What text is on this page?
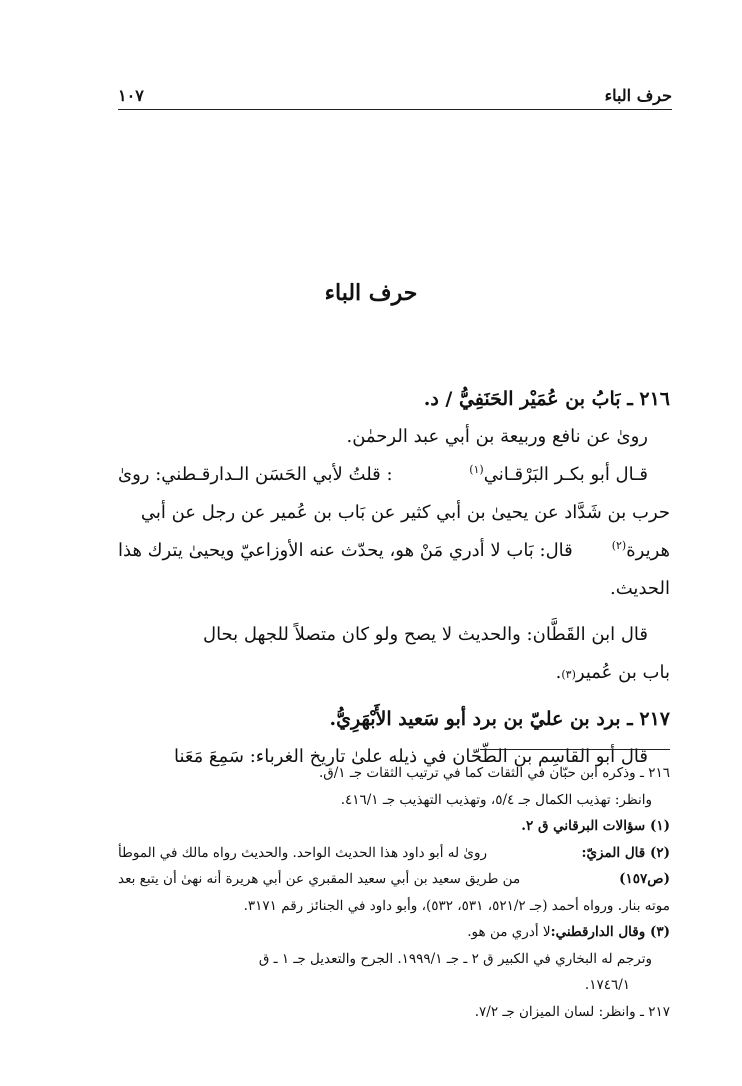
حرف الباء
١٠٧
حرف الباء
٢١٦ ـ بَابُ بن عُمَيْر الحَنَفِيُّ / د.
روىٰ عن نافع وربيعة بن أبي عبد الرحمٰن.
قـال أبو بكـر البَرْقـاني$^{(١)}$
: قلتُ لأبي الحَسَن الـدارقـطني: روىٰ
حرب بن شَدَّاد عن يحيىٰ بن أبي كثير عن بَاب بن عُمير عن رجل عن أبي
هريرة$^{(٢)}$
قال: بَاب لا أدري مَنْ هو، يحدّث عنه الأوزاعيّ ويحيىٰ يترك هذا
الحديث.
قال ابن القَطَّان: والحديث لا يصح ولو كان متصلاً للجهل بحال
باب بن عُمير
(٣)
.
٢١٧ ـ برد بن عليّ بن برد أبو سَعيد الأَبْهَرِيُّ.
قال أبو القاسِم بن الطّحّان في ذيله علىٰ تاريخ الغرباء: سَمِعَ مَعَنا
٢١٦ ـ وذكره ابن حبّان في الثقات كما في ترتيب الثقات جـ ١/ق.
وانظر: تهذيب الكمال جـ ٥/٤، وتهذيب التهذيب جـ ٤١٦/١.
(١) سؤالات البرقاني ق ٢.
(٢) قال المزيّ:
روىٰ له أبو داود هذا الحديث الواحد. والحديث رواه مالك في الموطأ
(ص١٥٧)
من طريق سعيد بن أبي سعيد المقبري عن أبي هريرة أنه نهىٰ أن يتبع بعد
موته بنار. ورواه أحمد (جـ ٥٢١/٢، ٥٣١، ٥٣٢)، وأبو داود في الجنائز رقم ٣١٧١.
(٣) وقال الدارقطني:
لا أدري من هو.
وترجم له البخاري في الكبير ق ٢ ـ جـ ١٩٩٩/١. الجرح والتعديل جـ ١ ـ ق
١٧٤٦/١.
٢١٧ ـ وانظر: لسان الميزان جـ ٧/٢.
